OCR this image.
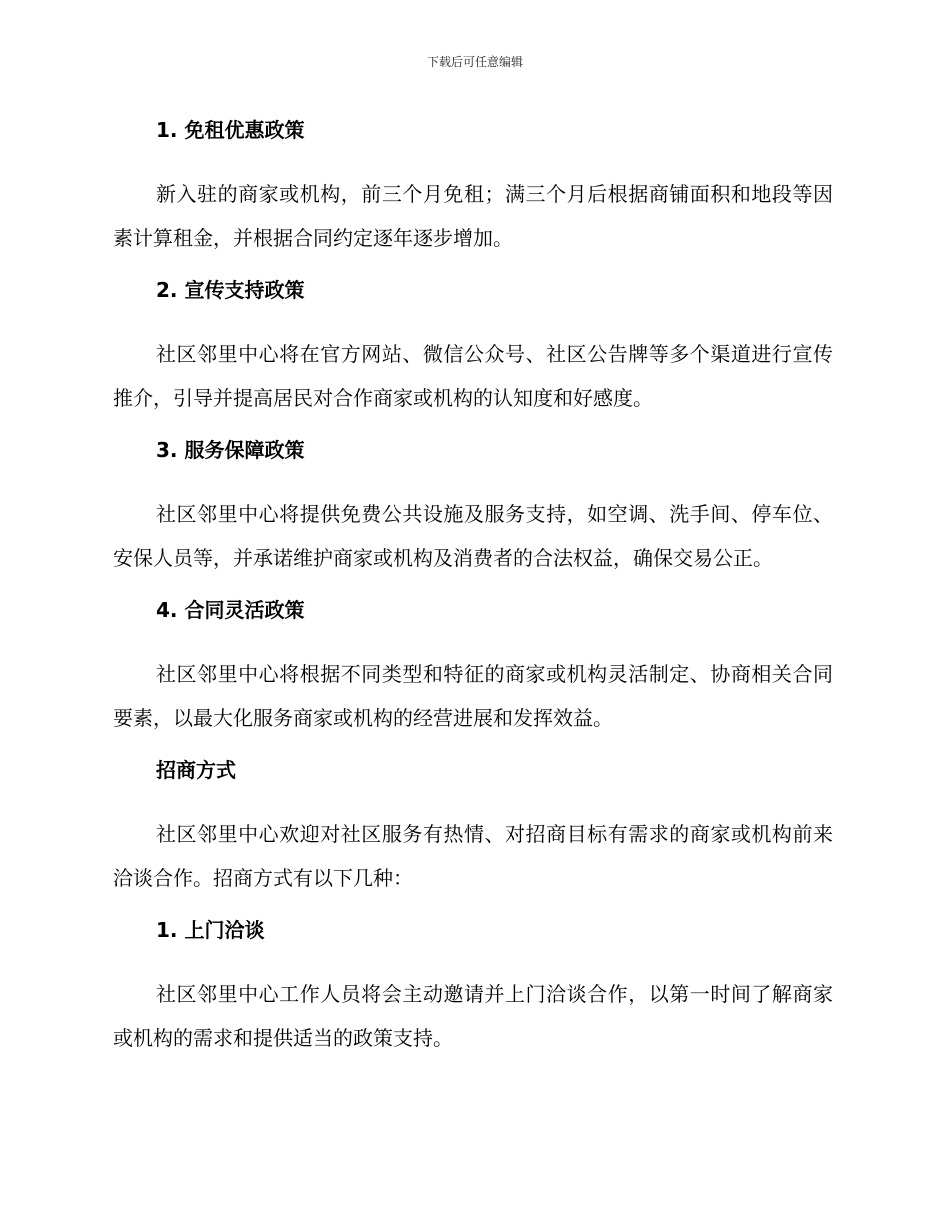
下载后可任意编辑
1. 免租优惠政策

新入驻的商家或机构，前三个月免租；满三个月后根据商铺面积和地段等因素计算租金，并根据合同约定逐年逐步增加。

2. 宣传支持政策

社区邻里中心将在官方网站、微信公众号、社区公告牌等多个渠道进行宣传推介，引导并提高居民对合作商家或机构的认知度和好感度。

3. 服务保障政策

社区邻里中心将提供免费公共设施及服务支持，如空调、洗手间、停车位、安保人员等，并承诺维护商家或机构及消费者的合法权益，确保交易公正。

4. 合同灵活政策

社区邻里中心将根据不同类型和特征的商家或机构灵活制定、协商相关合同要素，以最大化服务商家或机构的经营进展和发挥效益。

招商方式

社区邻里中心欢迎对社区服务有热情、对招商目标有需求的商家或机构前来洽谈合作。招商方式有以下几种：

1. 上门洽谈

社区邻里中心工作人员将会主动邀请并上门洽谈合作，以第一时间了解商家或机构的需求和提供适当的政策支持。
